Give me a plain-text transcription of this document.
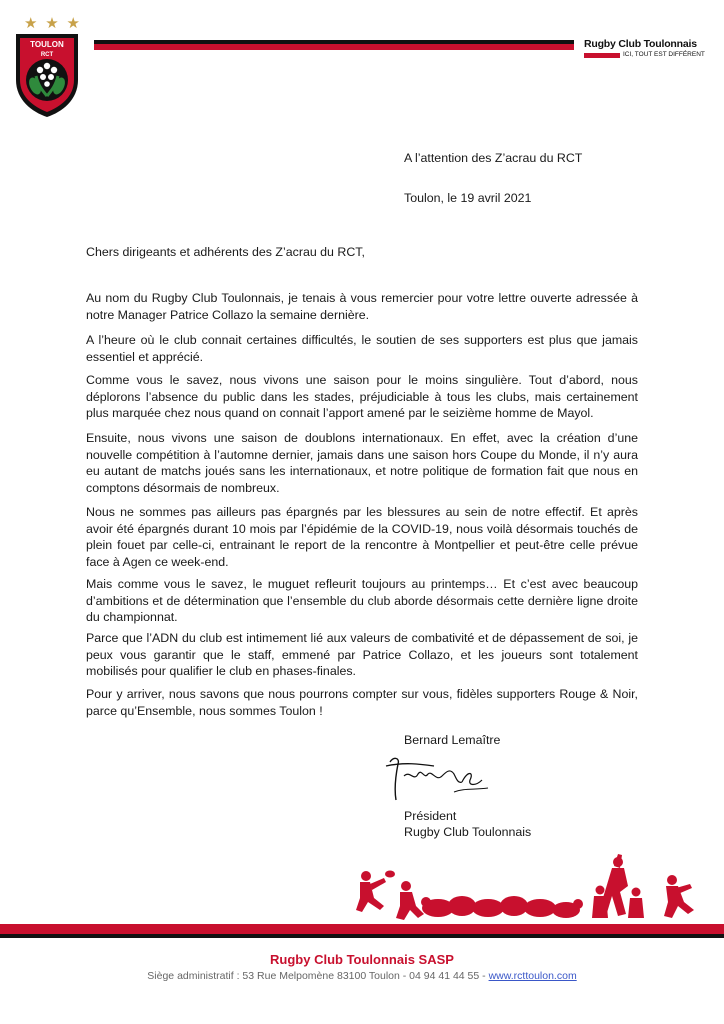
★ ★ ★
TOULON
RCT
Rugby Club Toulonnais
ICI, TOUT EST DIFFÉRENT
A l’attention des Z’acrau du RCT
Toulon, le 19 avril 2021
Chers dirigeants et adhérents des Z’acrau du RCT,
Au nom du Rugby Club Toulonnais, je tenais à vous remercier pour votre lettre ouverte adressée à notre Manager Patrice Collazo la semaine dernière.
A l’heure où le club connait certaines difficultés, le soutien de ses supporters est plus que jamais essentiel et apprécié.
Comme vous le savez, nous vivons une saison pour le moins singulière. Tout d’abord, nous déplorons l’absence du public dans les stades, préjudiciable à tous les clubs, mais certainement plus marquée chez nous quand on connait l’apport amené par le seizième homme de Mayol.
Ensuite, nous vivons une saison de doublons internationaux. En effet, avec la création d’une nouvelle compétition à l’automne dernier, jamais dans une saison hors Coupe du Monde, il n’y aura eu autant de matchs joués sans les internationaux, et notre politique de formation fait que nous en comptons désormais de nombreux.
Nous ne sommes pas ailleurs pas épargnés par les blessures au sein de notre effectif. Et après avoir été épargnés durant 10 mois par l’épidémie de la COVID-19, nous voilà désormais touchés de plein fouet par celle-ci, entrainant le report de la rencontre à Montpellier et peut-être celle prévue face à Agen ce week-end.
Mais comme vous le savez, le muguet refleurit toujours au printemps… Et c’est avec beaucoup d’ambitions et de détermination que l’ensemble du club aborde désormais cette dernière ligne droite du championnat.
Parce que l’ADN du club est intimement lié aux valeurs de combativité et de dépassement de soi, je peux vous garantir que le staff, emmené par Patrice Collazo, et les joueurs sont totalement mobilisés pour qualifier le club en phases-finales.
Pour y arriver, nous savons que nous pourrons compter sur vous, fidèles supporters Rouge & Noir, parce qu’Ensemble, nous sommes Toulon !
Bernard Lemaître
Président
Rugby Club Toulonnais
Rugby Club Toulonnais SASP
Siège administratif : 53 Rue Melpomène 83100 Toulon - 04 94 41 44 55 - www.rcttoulon.com
